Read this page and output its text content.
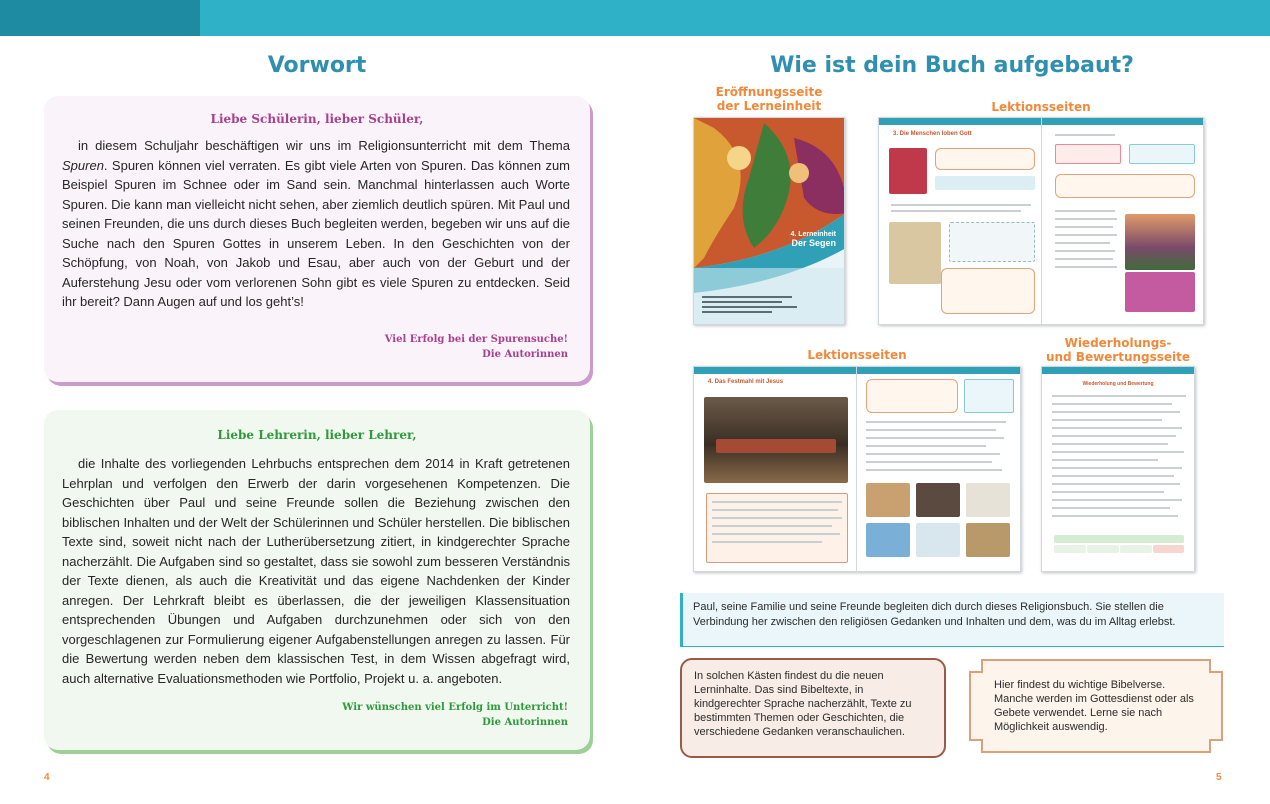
Vorwort
Liebe Schülerin, lieber Schüler,
in diesem Schuljahr beschäftigen wir uns im Religionsunterricht mit dem Thema Spuren. Spuren können viel verraten. Es gibt viele Arten von Spuren. Das können zum Beispiel Spuren im Schnee oder im Sand sein. Manchmal hinterlassen auch Worte Spuren. Die kann man vielleicht nicht sehen, aber ziemlich deutlich spüren. Mit Paul und seinen Freunden, die uns durch dieses Buch begleiten werden, begeben wir uns auf die Suche nach den Spuren Gottes in unserem Leben. In den Geschichten von der Schöpfung, von Noah, von Jakob und Esau, aber auch von der Geburt und der Auferstehung Jesu oder vom verlorenen Sohn gibt es viele Spuren zu entdecken. Seid ihr bereit? Dann Augen auf und los geht’s!
Viel Erfolg bei der Spurensuche!
Die Autorinnen
Liebe Lehrerin, lieber Lehrer,
die Inhalte des vorliegenden Lehrbuchs entsprechen dem 2014 in Kraft getretenen Lehrplan und verfolgen den Erwerb der darin vorgesehenen Kompetenzen. Die Geschichten über Paul und seine Freunde sollen die Beziehung zwischen den biblischen Inhalten und der Welt der Schülerinnen und Schüler herstellen. Die biblischen Texte sind, soweit nicht nach der Lutherübersetzung zitiert, in kindgerechter Sprache nacherzählt. Die Aufgaben sind so gestaltet, dass sie sowohl zum besseren Verständnis der Texte dienen, als auch die Kreativität und das eigene Nachdenken der Kinder anregen. Der Lehrkraft bleibt es überlassen, die der jeweiligen Klassensituation entsprechenden Übungen und Aufgaben durchzunehmen oder sich von den vorgeschlagenen zur Formulierung eigener Aufgabenstellungen anregen zu lassen. Für die Bewertung werden neben dem klassischen Test, in dem Wissen abgefragt wird, auch alternative Evaluationsmethoden wie Portfolio, Projekt u. a. angeboten.
Wir wünschen viel Erfolg im Unterricht!
Die Autorinnen
4
Wie ist dein Buch aufgebaut?
Eröffnungsseite
der Lerneinheit	Lektionsseiten
Lektionsseiten
Wiederholungs-
und Bewertungsseite
4. Lerneinheit
Der Segen
3. Die Menschen loben Gott
4. Das Festmahl mit Jesus	Wiederholung und Bewertung
Paul, seine Familie und seine Freunde begleiten dich durch dieses Religionsbuch. Sie stellen die Verbindung her zwischen den religiösen Gedanken und Inhalten und dem, was du im Alltag erlebst.
In solchen Kästen findest du die neuen Lerninhalte. Das sind Bibeltexte, in kindgerechter Sprache nacherzählt, Texte zu bestimmten Themen oder Geschichten, die verschiedene Gedanken veranschaulichen.
Hier findest du wichtige Bibelverse. Manche werden im Gottesdienst oder als Gebete verwendet. Lerne sie nach Möglichkeit auswendig.
5
